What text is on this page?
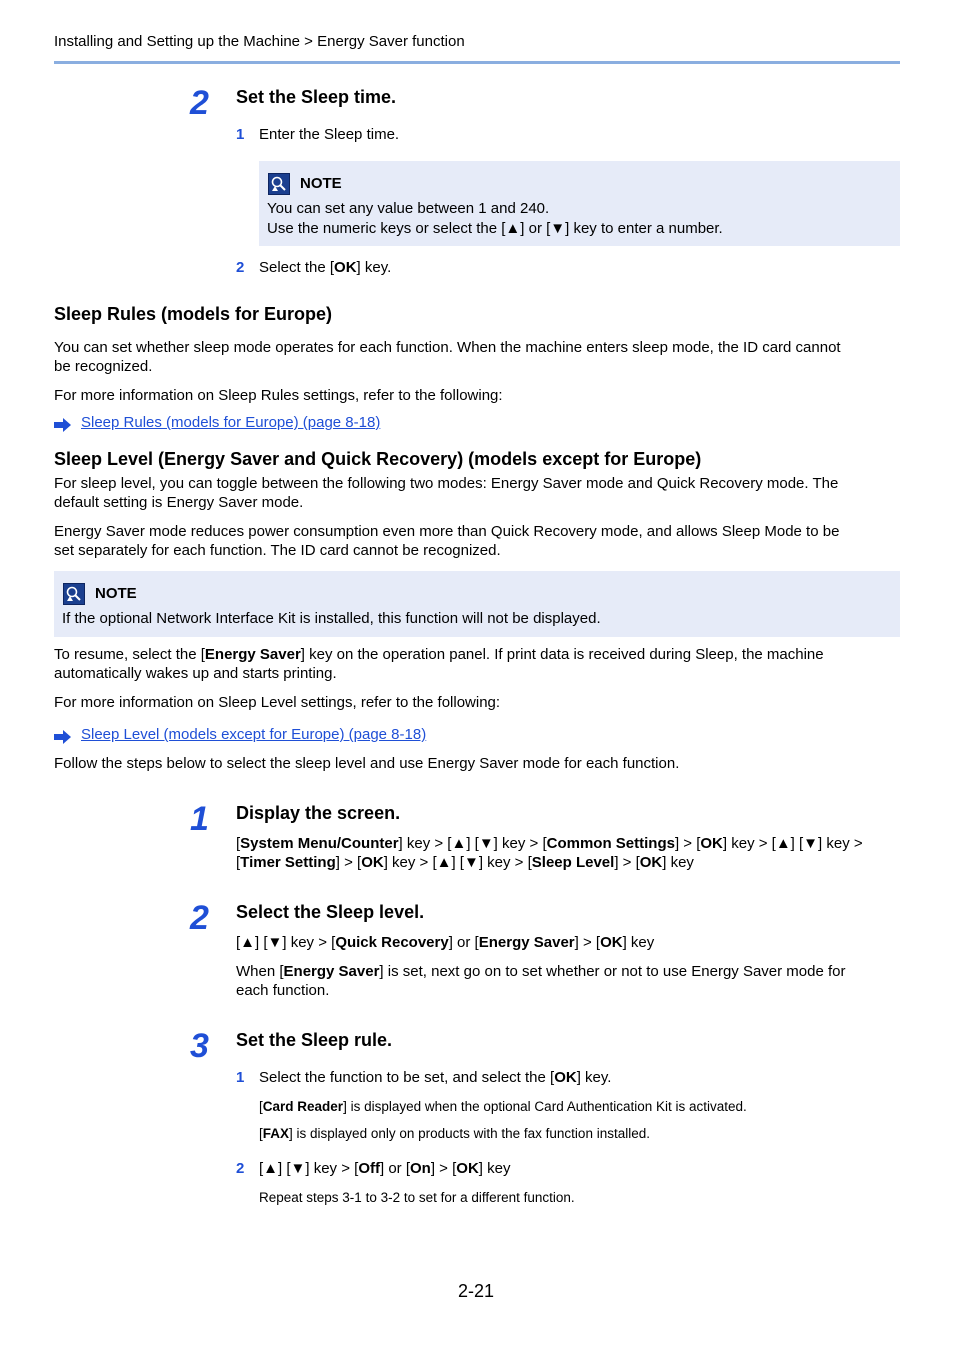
Installing and Setting up the Machine > Energy Saver function
2 Set the Sleep time.
1 Enter the Sleep time.
NOTE
You can set any value between 1 and 240.
Use the numeric keys or select the [▲] or [▼] key to enter a number.
2 Select the [OK] key.
Sleep Rules (models for Europe)
You can set whether sleep mode operates for each function. When the machine enters sleep mode, the ID card cannot
be recognized.
For more information on Sleep Rules settings, refer to the following:
Sleep Rules (models for Europe) (page 8-18)
Sleep Level (Energy Saver and Quick Recovery) (models except for Europe)
For sleep level, you can toggle between the following two modes: Energy Saver mode and Quick Recovery mode. The
default setting is Energy Saver mode.
Energy Saver mode reduces power consumption even more than Quick Recovery mode, and allows Sleep Mode to be
set separately for each function. The ID card cannot be recognized.
NOTE
If the optional Network Interface Kit is installed, this function will not be displayed.
To resume, select the [Energy Saver] key on the operation panel. If print data is received during Sleep, the machine
automatically wakes up and starts printing.
For more information on Sleep Level settings, refer to the following:
Sleep Level (models except for Europe) (page 8-18)
Follow the steps below to select the sleep level and use Energy Saver mode for each function.
1 Display the screen.
[System Menu/Counter] key > [▲] [▼] key > [Common Settings] > [OK] key > [▲] [▼] key >
[Timer Setting] > [OK] key > [▲] [▼] key > [Sleep Level] > [OK] key
2 Select the Sleep level.
[▲] [▼] key > [Quick Recovery] or [Energy Saver] > [OK] key
When [Energy Saver] is set, next go on to set whether or not to use Energy Saver mode for
each function.
3 Set the Sleep rule.
1 Select the function to be set, and select the [OK] key.
[Card Reader] is displayed when the optional Card Authentication Kit is activated.
[FAX] is displayed only on products with the fax function installed.
2 [▲] [▼] key > [Off] or [On] > [OK] key
Repeat steps 3-1 to 3-2 to set for a different function.
2-21
